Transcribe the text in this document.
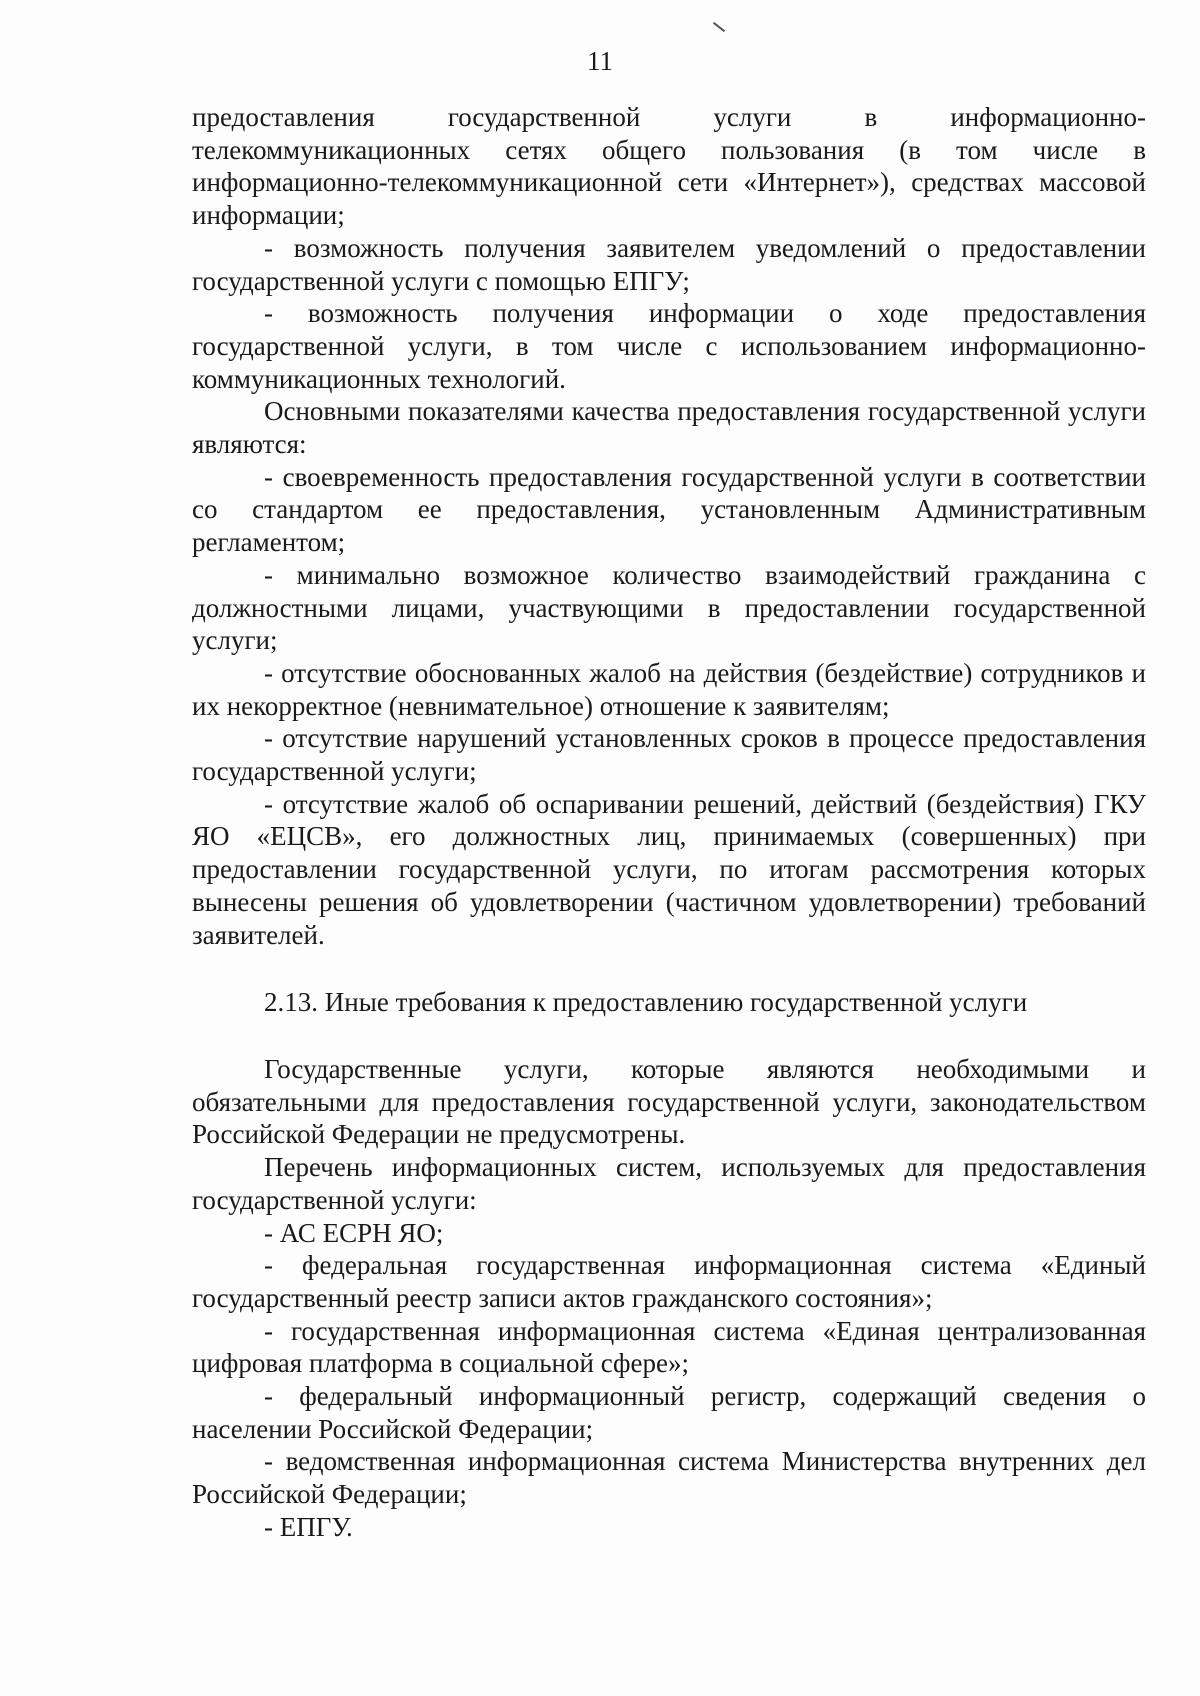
11

предоставления государственной услуги в информационно-телекоммуникационных сетях общего пользования (в том числе в информационно-телекоммуникационной сети «Интернет»), средствах массовой информации;

- возможность получения заявителем уведомлений о предоставлении государственной услуги с помощью ЕПГУ;

- возможность получения информации о ходе предоставления государственной услуги, в том числе с использованием информационно-коммуникационных технологий.

Основными показателями качества предоставления государственной услуги являются:

- своевременность предоставления государственной услуги в соответствии со стандартом ее предоставления, установленным Административным регламентом;

- минимально возможное количество взаимодействий гражданина с должностными лицами, участвующими в предоставлении государственной услуги;

- отсутствие обоснованных жалоб на действия (бездействие) сотрудников и их некорректное (невнимательное) отношение к заявителям;

- отсутствие нарушений установленных сроков в процессе предоставления государственной услуги;

- отсутствие жалоб об оспаривании решений, действий (бездействия) ГКУ ЯО «ЕЦСВ», его должностных лиц, принимаемых (совершенных) при предоставлении государственной услуги, по итогам рассмотрения которых вынесены решения об удовлетворении (частичном удовлетворении) требований заявителей.

2.13. Иные требования к предоставлению государственной услуги

Государственные услуги, которые являются необходимыми и обязательными для предоставления государственной услуги, законодательством Российской Федерации не предусмотрены.

Перечень информационных систем, используемых для предоставления государственной услуги:

- АС ЕСРН ЯО;

- федеральная государственная информационная система «Единый государственный реестр записи актов гражданского состояния»;

- государственная информационная система «Единая централизованная цифровая платформа в социальной сфере»;

- федеральный информационный регистр, содержащий сведения о населении Российской Федерации;

- ведомственная информационная система Министерства внутренних дел Российской Федерации;

- ЕПГУ.
